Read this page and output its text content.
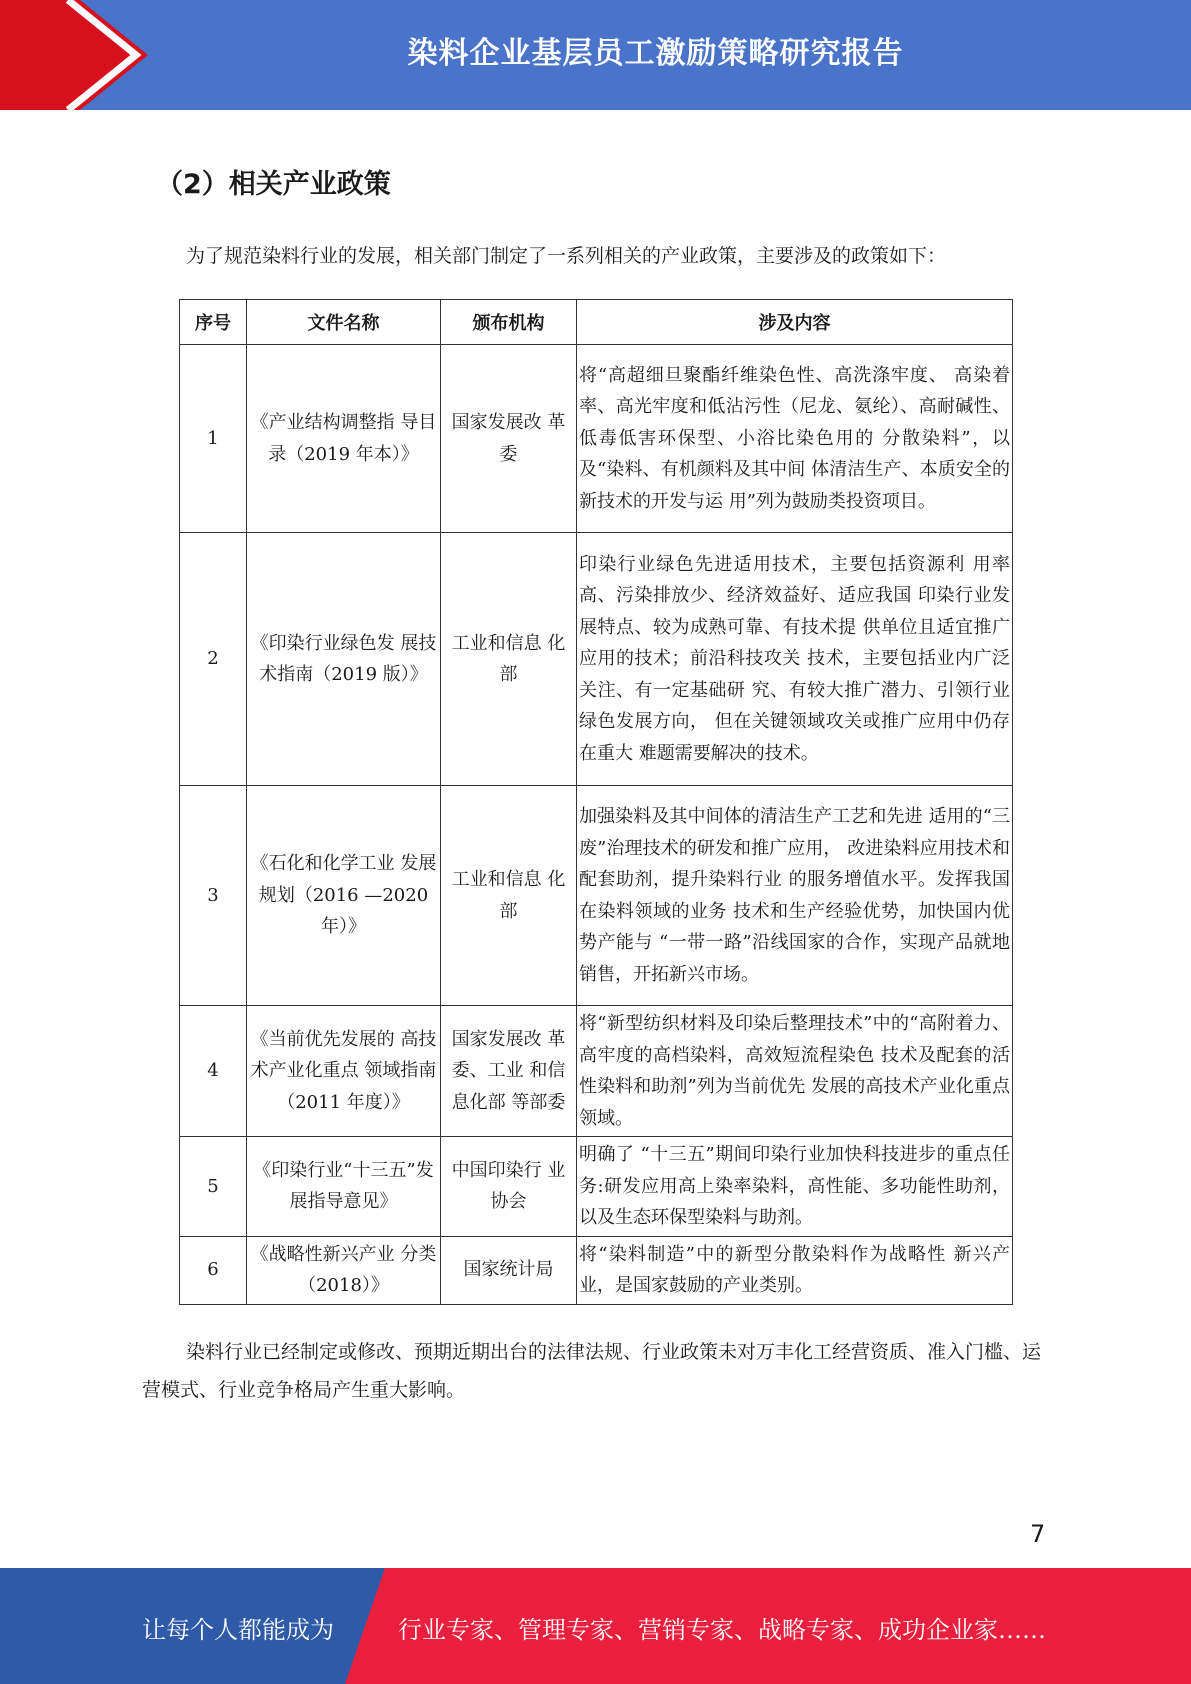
染料企业基层员工激励策略研究报告
（2）相关产业政策
为了规范染料行业的发展，相关部门制定了一系列相关的产业政策，主要涉及的政策如下：
序号	文件名称	颁布机构	涉及内容
1	《产业结构调整指 导目录（2019 年本）》	国家发展改 革委	将“高超细旦聚酯纤维染色性、高洗涤牢度、 高染着率、高光牢度和低沾污性（尼龙、氨纶）、高耐碱性、低毒低害环保型、小浴比染色用的 分散染料”，以及“染料、有机颜料及其中间 体清洁生产、本质安全的新技术的开发与运 用”列为鼓励类投资项目。
2	《印染行业绿色发 展技术指南（2019 版）》	工业和信息 化部	印染行业绿色先进适用技术，主要包括资源利 用率高、污染排放少、经济效益好、适应我国 印染行业发展特点、较为成熟可靠、有技术提 供单位且适宜推广应用的技术；前沿科技攻关 技术，主要包括业内广泛关注、有一定基础研 究、有较大推广潜力、引领行业绿色发展方向， 但在关键领域攻关或推广应用中仍存在重大 难题需要解决的技术。
3	《石化和化学工业 发展规划（2016 —2020 年）》	工业和信息 化部	加强染料及其中间体的清洁生产工艺和先进 适用的“三废”治理技术的研发和推广应用， 改进染料应用技术和配套助剂，提升染料行业 的服务增值水平。发挥我国在染料领域的业务 技术和生产经验优势，加快国内优势产能与 “一带一路”沿线国家的合作，实现产品就地 销售，开拓新兴市场。
4	《当前优先发展的 高技术产业化重点 领域指南（2011 年度）》	国家发展改 革委、工业 和信息化部 等部委	将“新型纺织材料及印染后整理技术”中的“高附着力、高牢度的高档染料，高效短流程染色 技术及配套的活性染料和助剂”列为当前优先 发展的高技术产业化重点领域。
5	《印染行业“十三五”发展指导意见》	中国印染行 业协会	明确了 “十三五”期间印染行业加快科技进步的重点任务:研发应用高上染率染料，高性能、多功能性助剂，以及生态环保型染料与助剂。
6	《战略性新兴产业 分类（2018）》	国家统计局	将“染料制造”中的新型分散染料作为战略性 新兴产业，是国家鼓励的产业类别。
染料行业已经制定或修改、预期近期出台的法律法规、行业政策未对万丰化工经营资质、准入门槛、运营模式、行业竞争格局产生重大影响。
7
让每个人都能成为	行业专家、管理专家、营销专家、战略专家、成功企业家……
